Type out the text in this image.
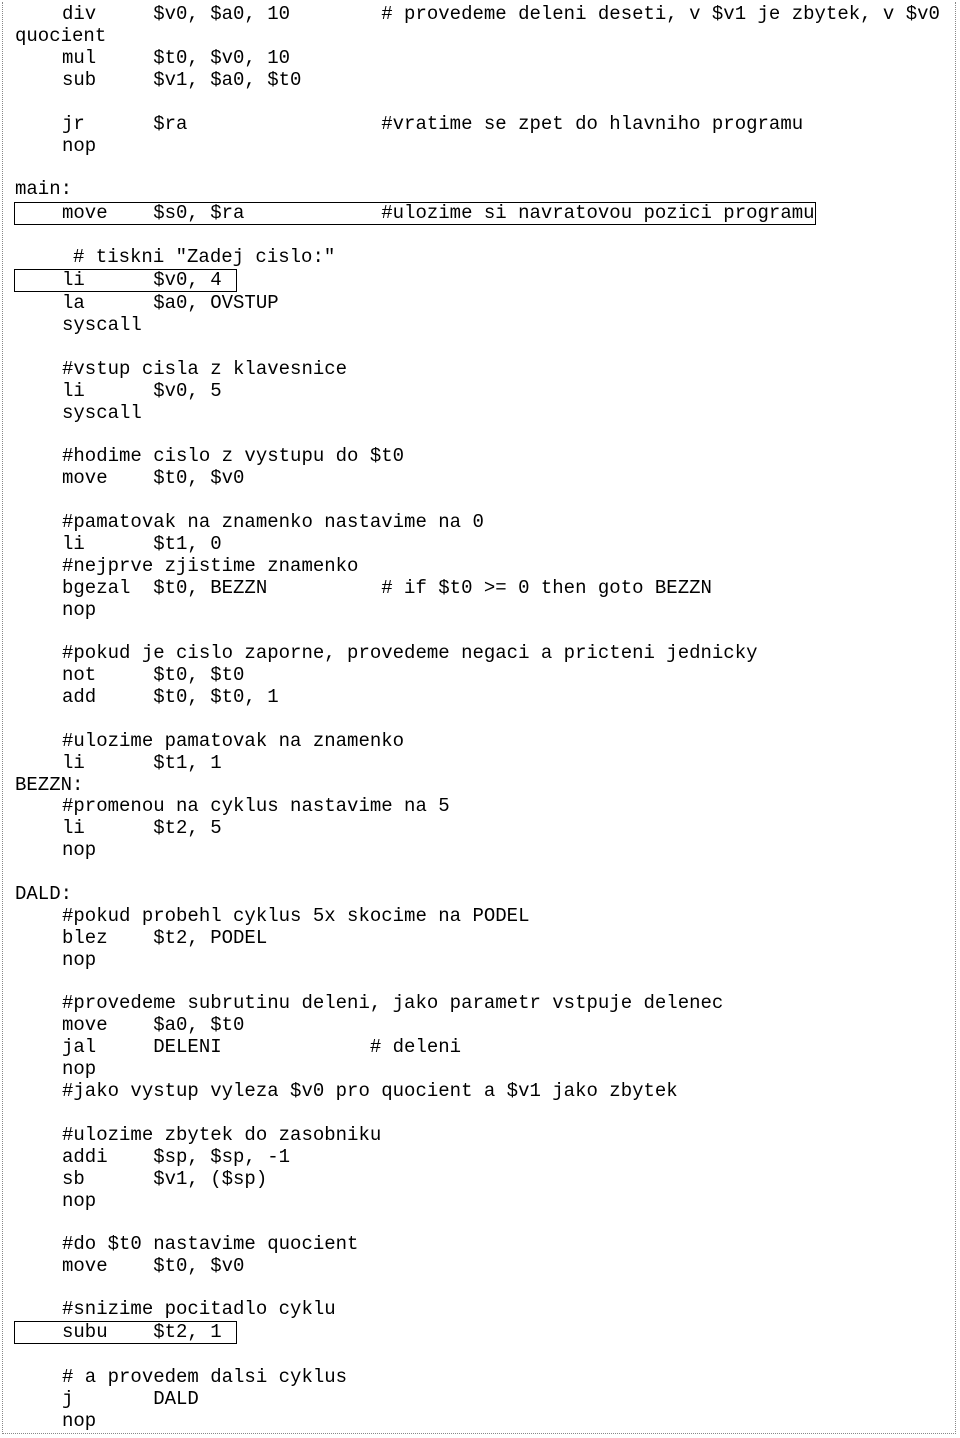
div     $v0, $a0, 10        # provedeme deleni deseti, v $v1 je zbytek, v $v0
quocient
mul     $t0, $v0, 10
sub     $v1, $a0, $t0
jr      $ra                 #vratime se zpet do hlavniho programu
nop
main:
move    $s0, $ra            #ulozime si navratovou pozici programu
# tiskni "Zadej cislo:"
li      $v0, 4
la      $a0, OVSTUP
syscall
#vstup cisla z klavesnice
li      $v0, 5
syscall
#hodime cislo z vystupu do $t0
move    $t0, $v0
#pamatovak na znamenko nastavime na 0
li      $t1, 0
#nejprve zjistime znamenko
bgezal  $t0, BEZZN          # if $t0 >= 0 then goto BEZZN
nop
#pokud je cislo zaporne, provedeme negaci a pricteni jednicky
not     $t0, $t0
add     $t0, $t0, 1
#ulozime pamatovak na znamenko
li      $t1, 1
BEZZN:
#promenou na cyklus nastavime na 5
li      $t2, 5
nop
DALD:
#pokud probehl cyklus 5x skocime na PODEL
blez    $t2, PODEL
nop
#provedeme subrutinu deleni, jako parametr vstpuje delenec
move    $a0, $t0
jal     DELENI             # deleni
nop
#jako vystup vyleza $v0 pro quocient a $v1 jako zbytek
#ulozime zbytek do zasobniku
addi    $sp, $sp, -1
sb      $v1, ($sp)
nop
#do $t0 nastavime quocient
move    $t0, $v0
#snizime pocitadlo cyklu
subu    $t2, 1
# a provedem dalsi cyklus
j       DALD
nop
